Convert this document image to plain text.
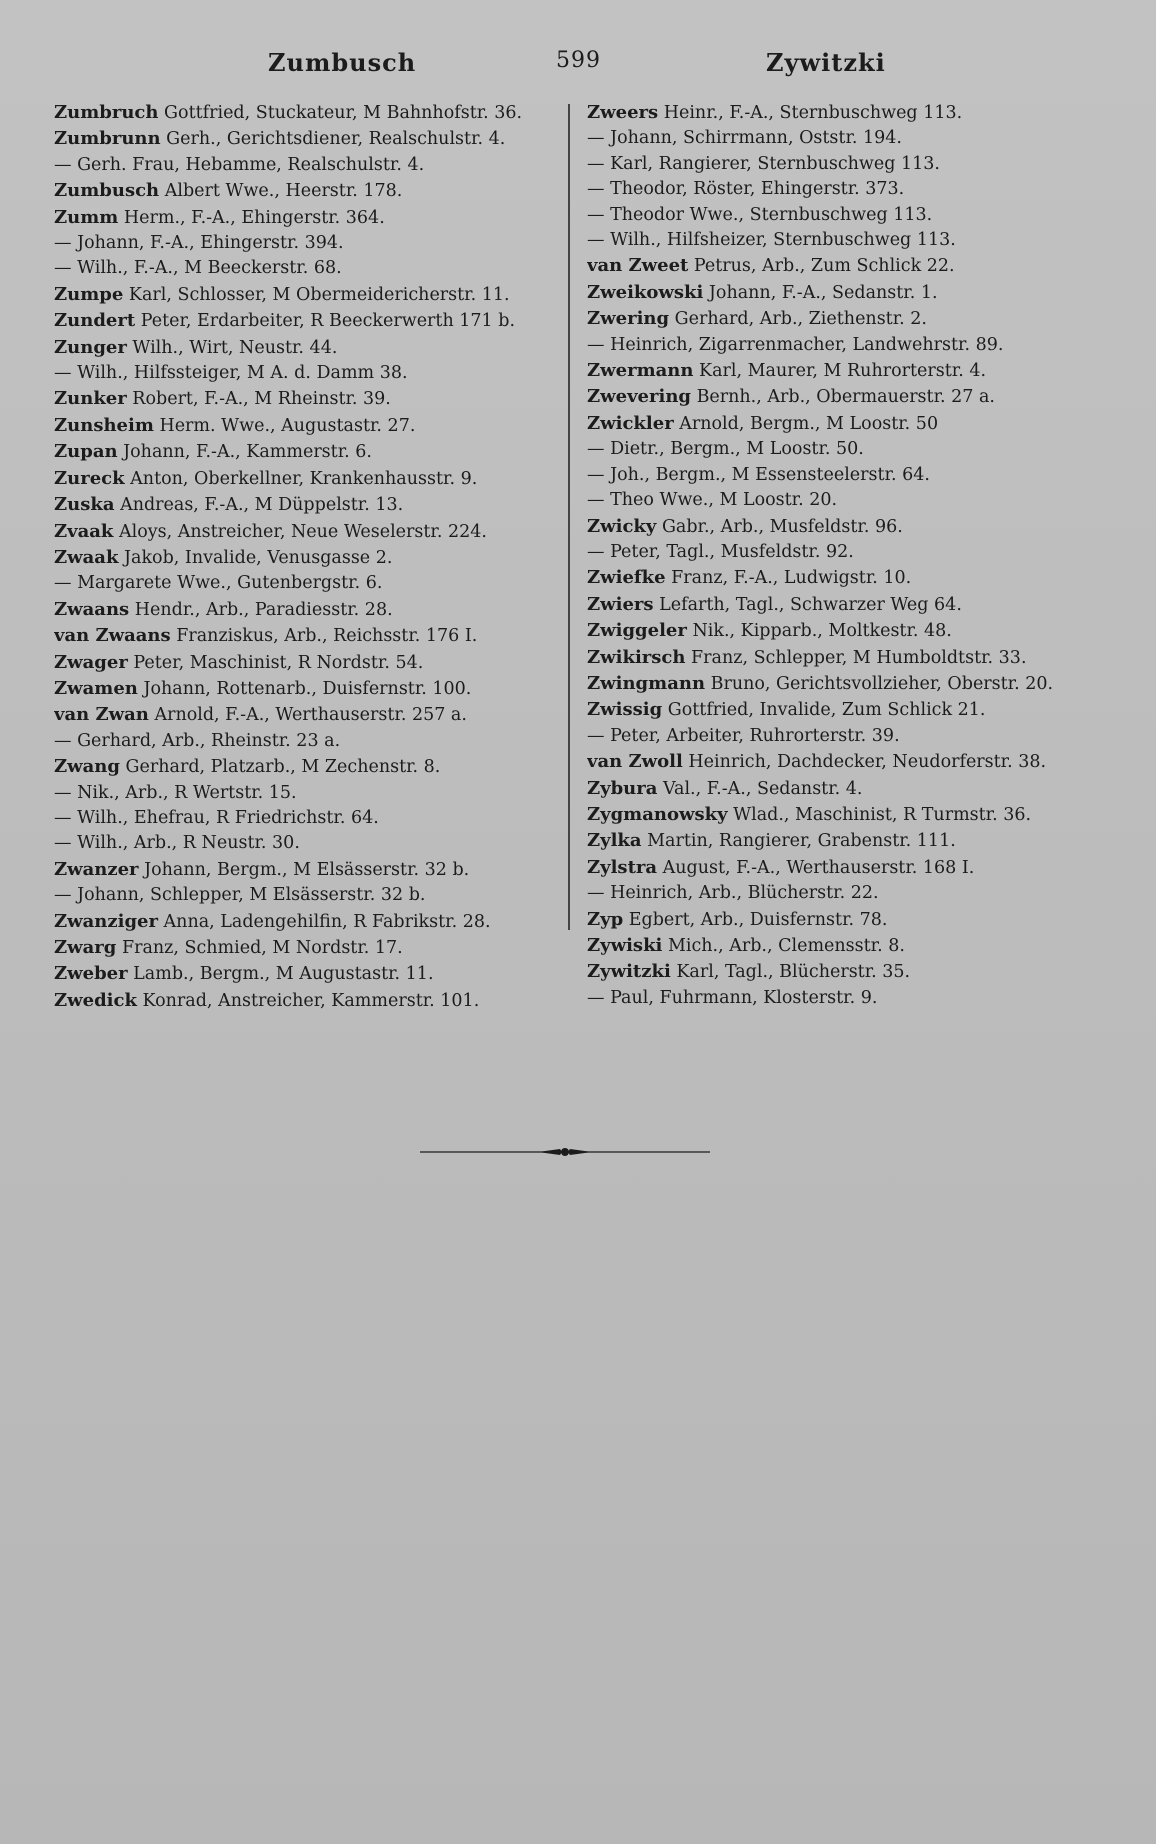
Zumbusch	599	Zywitzki
Zumbruch Gottfried, Stuckateur, M Bahnhofstr. 36.
Zumbrunn Gerh., Gerichtsdiener, Realschulstr. 4.
— Gerh. Frau, Hebamme, Realschulstr. 4.
Zumbusch Albert Wwe., Heerstr. 178.
Zumm Herm., F.-A., Ehingerstr. 364.
— Johann, F.-A., Ehingerstr. 394.
— Wilh., F.-A., M Beeckerstr. 68.
Zumpe Karl, Schlosser, M Obermeidericherstr. 11.
Zundert Peter, Erdarbeiter, R Beeckerwerth 171 b.
Zunger Wilh., Wirt, Neustr. 44.
— Wilh., Hilfssteiger, M A. d. Damm 38.
Zunker Robert, F.-A., M Rheinstr. 39.
Zunsheim Herm. Wwe., Augustastr. 27.
Zupan Johann, F.-A., Kammerstr. 6.
Zureck Anton, Oberkellner, Krankenhausstr. 9.
Zuska Andreas, F.-A., M Düppelstr. 13.
Zvaak Aloys, Anstreicher, Neue Weselerstr. 224.
Zwaak Jakob, Invalide, Venusgasse 2.
— Margarete Wwe., Gutenbergstr. 6.
Zwaans Hendr., Arb., Paradiesstr. 28.
van Zwaans Franziskus, Arb., Reichsstr. 176 I.
Zwager Peter, Maschinist, R Nordstr. 54.
Zwamen Johann, Rottenarb., Duisfernstr. 100.
van Zwan Arnold, F.-A., Werthauserstr. 257 a.
— Gerhard, Arb., Rheinstr. 23 a.
Zwang Gerhard, Platzarb., M Zechenstr. 8.
— Nik., Arb., R Wertstr. 15.
— Wilh., Ehefrau, R Friedrichstr. 64.
— Wilh., Arb., R Neustr. 30.
Zwanzer Johann, Bergm., M Elsässerstr. 32 b.
— Johann, Schlepper, M Elsässerstr. 32 b.
Zwanziger Anna, Ladengehilfin, R Fabrikstr. 28.
Zwarg Franz, Schmied, M Nordstr. 17.
Zweber Lamb., Bergm., M Augustastr. 11.
Zwedick Konrad, Anstreicher, Kammerstr. 101.
Zweers Heinr., F.-A., Sternbuschweg 113.
— Johann, Schirrmann, Oststr. 194.
— Karl, Rangierer, Sternbuschweg 113.
— Theodor, Röster, Ehingerstr. 373.
— Theodor Wwe., Sternbuschweg 113.
— Wilh., Hilfsheizer, Sternbuschweg 113.
van Zweet Petrus, Arb., Zum Schlick 22.
Zweikowski Johann, F.-A., Sedanstr. 1.
Zwering Gerhard, Arb., Ziethenstr. 2.
— Heinrich, Zigarrenmacher, Landwehrstr. 89.
Zwermann Karl, Maurer, M Ruhrorterstr. 4.
Zwevering Bernh., Arb., Obermauerstr. 27 a.
Zwickler Arnold, Bergm., M Loostr. 50
— Dietr., Bergm., M Loostr. 50.
— Joh., Bergm., M Essensteelerstr. 64.
— Theo Wwe., M Loostr. 20.
Zwicky Gabr., Arb., Musfeldstr. 96.
— Peter, Tagl., Musfeldstr. 92.
Zwiefke Franz, F.-A., Ludwigstr. 10.
Zwiers Lefarth, Tagl., Schwarzer Weg 64.
Zwiggeler Nik., Kipparb., Moltkestr. 48.
Zwikirsch Franz, Schlepper, M Humboldtstr. 33.
Zwingmann Bruno, Gerichtsvollzieher, Oberstr. 20.
Zwissig Gottfried, Invalide, Zum Schlick 21.
— Peter, Arbeiter, Ruhrorterstr. 39.
van Zwoll Heinrich, Dachdecker, Neudorferstr. 38.
Zybura Val., F.-A., Sedanstr. 4.
Zygmanowsky Wlad., Maschinist, R Turmstr. 36.
Zylka Martin, Rangierer, Grabenstr. 111.
Zylstra August, F.-A., Werthauserstr. 168 I.
— Heinrich, Arb., Blücherstr. 22.
Zyp Egbert, Arb., Duisfernstr. 78.
Zywiski Mich., Arb., Clemensstr. 8.
Zywitzki Karl, Tagl., Blücherstr. 35.
— Paul, Fuhrmann, Klosterstr. 9.
